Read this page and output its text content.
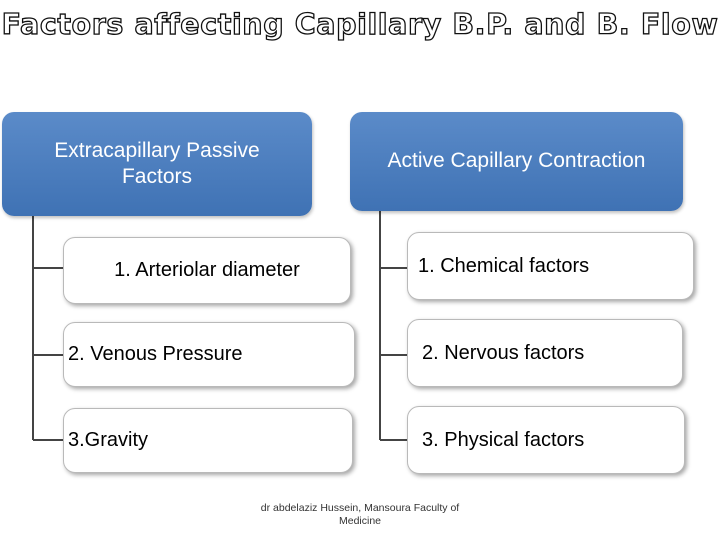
Factors affecting Capillary B.P. and B. Flow
Extracapillary Passive
Factors
Active Capillary Contraction
1. Arteriolar diameter
2. Venous Pressure
3.Gravity
1. Chemical factors
2. Nervous factors
3. Physical factors
dr abdelaziz Hussein, Mansoura Faculty of Medicine
